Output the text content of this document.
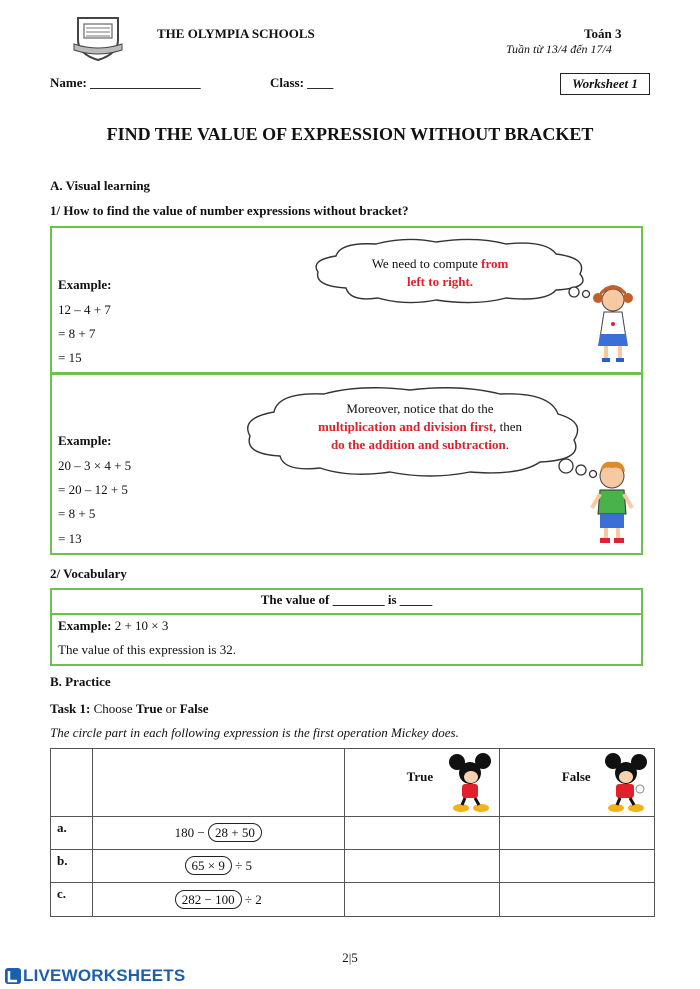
THE OLYMPIA SCHOOLS	Toán 3
Tuần từ 13/4 đến 17/4
Name: _________________	Class: ____	Worksheet 1
FIND THE VALUE OF EXPRESSION WITHOUT BRACKET
A. Visual learning
1/ How to find the value of number expressions without bracket?
We need to compute from
left to right.
Example:
12 – 4 + 7
= 8 + 7
= 15
Moreover, notice that do the
multiplication and division first, then
do the addition and subtraction.
Example:
20 – 3 × 4 + 5
= 20 – 12 + 5
= 8 + 5
= 13
2/ Vocabulary
The value of ________ is _____
Example: 2 + 10 × 3
The value of this expression is 32.
B. Practice
Task 1: Choose True or False
The circle part in each following expression is the first operation Mickey does.

		True	False

a.	180 − 28 + 50		
b.	65 × 9 ÷ 5		
c.	282 − 100 ÷ 2		
2|5
LIVEWORKSHEETS
